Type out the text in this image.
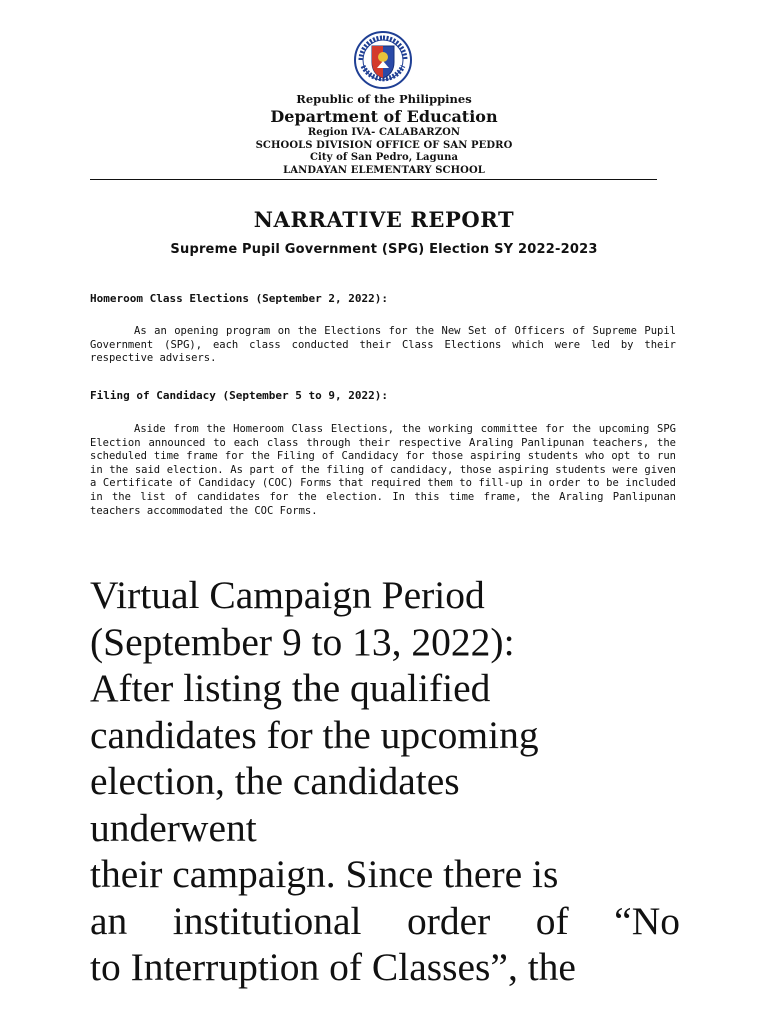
Republic of the Philippines
Department of Education
Region IVA- CALABARZON
SCHOOLS DIVISION OFFICE OF SAN PEDRO
City of San Pedro, Laguna
LANDAYAN ELEMENTARY SCHOOL
NARRATIVE REPORT
Supreme Pupil Government (SPG) Election SY 2022-2023
Homeroom Class Elections (September 2, 2022):

As an opening program on the Elections for the New Set of Officers of Supreme Pupil Government (SPG), each class conducted their Class Elections which were led by their respective advisers.

Filing of Candidacy (September 5 to 9, 2022):

Aside from the Homeroom Class Elections, the working committee for the upcoming SPG Election announced to each class through their respective Araling Panlipunan teachers, the scheduled time frame for the Filing of Candidacy for those aspiring students who opt to run in the said election. As part of the filing of candidacy, those aspiring students were given a Certificate of Candidacy (COC) Forms that required them to fill-up in order to be included in the list of candidates for the election. In this time frame, the Araling Panlipunan teachers accommodated the COC Forms.

Virtual Campaign Period
(September 9 to 13, 2022):
After listing the qualified
candidates for the upcoming
election, the candidates
underwent
their campaign. Since there is
an institutional order of “No
to Interruption of Classes”, the
